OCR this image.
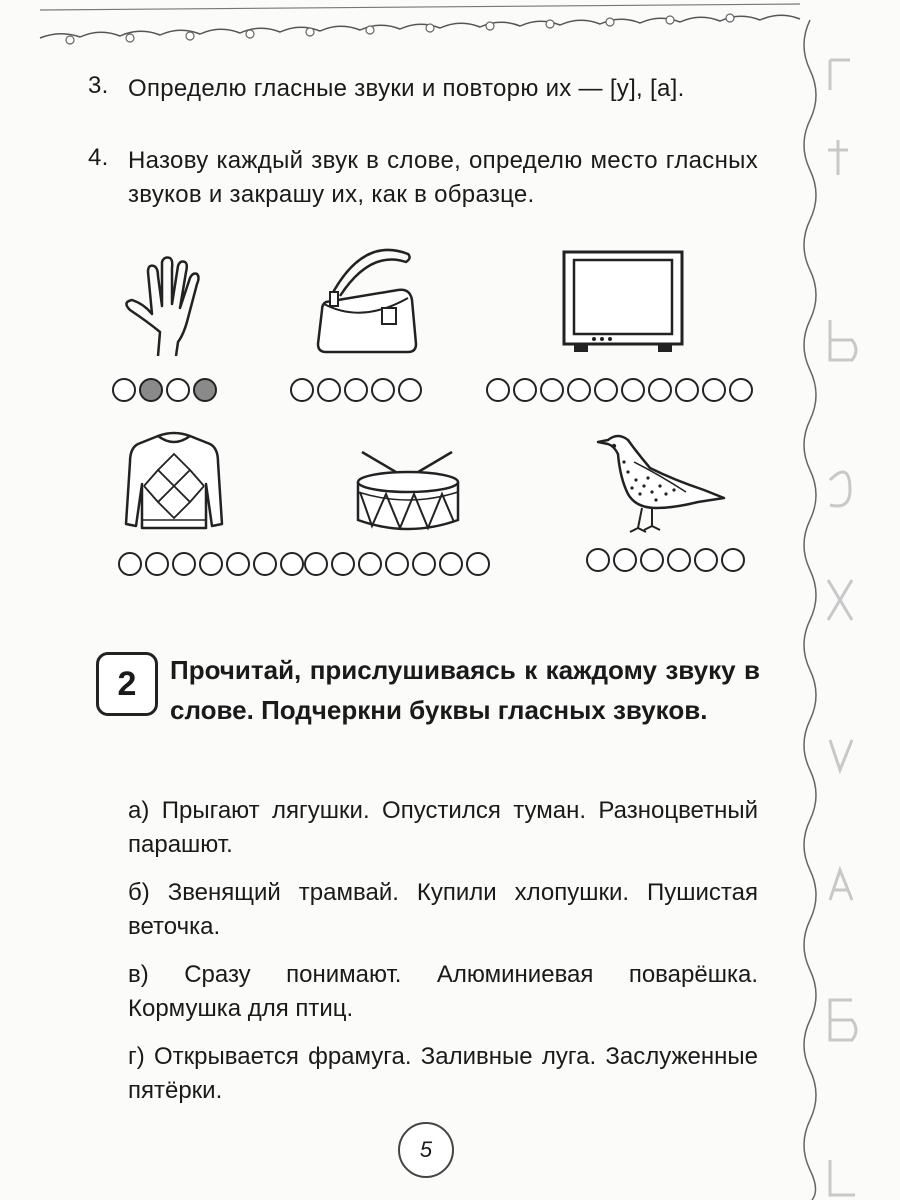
3. Определю гласные звуки и повторю их — [у], [а].
4. Назову каждый звук в слове, определю место гласных звуков и закрашу их, как в образце.
2	Прочитай, прислушиваясь к каждому звуку в слове. Подчеркни буквы гласных звуков.
а) Прыгают лягушки. Опустился туман. Разноцветный парашют.
б) Звенящий трамвай. Купили хлопушки. Пушистая веточка.
в) Сразу понимают. Алюминиевая поварёшка. Кормушка для птиц.
г) Открывается фрамуга. Заливные луга. Заслуженные пятёрки.
5
